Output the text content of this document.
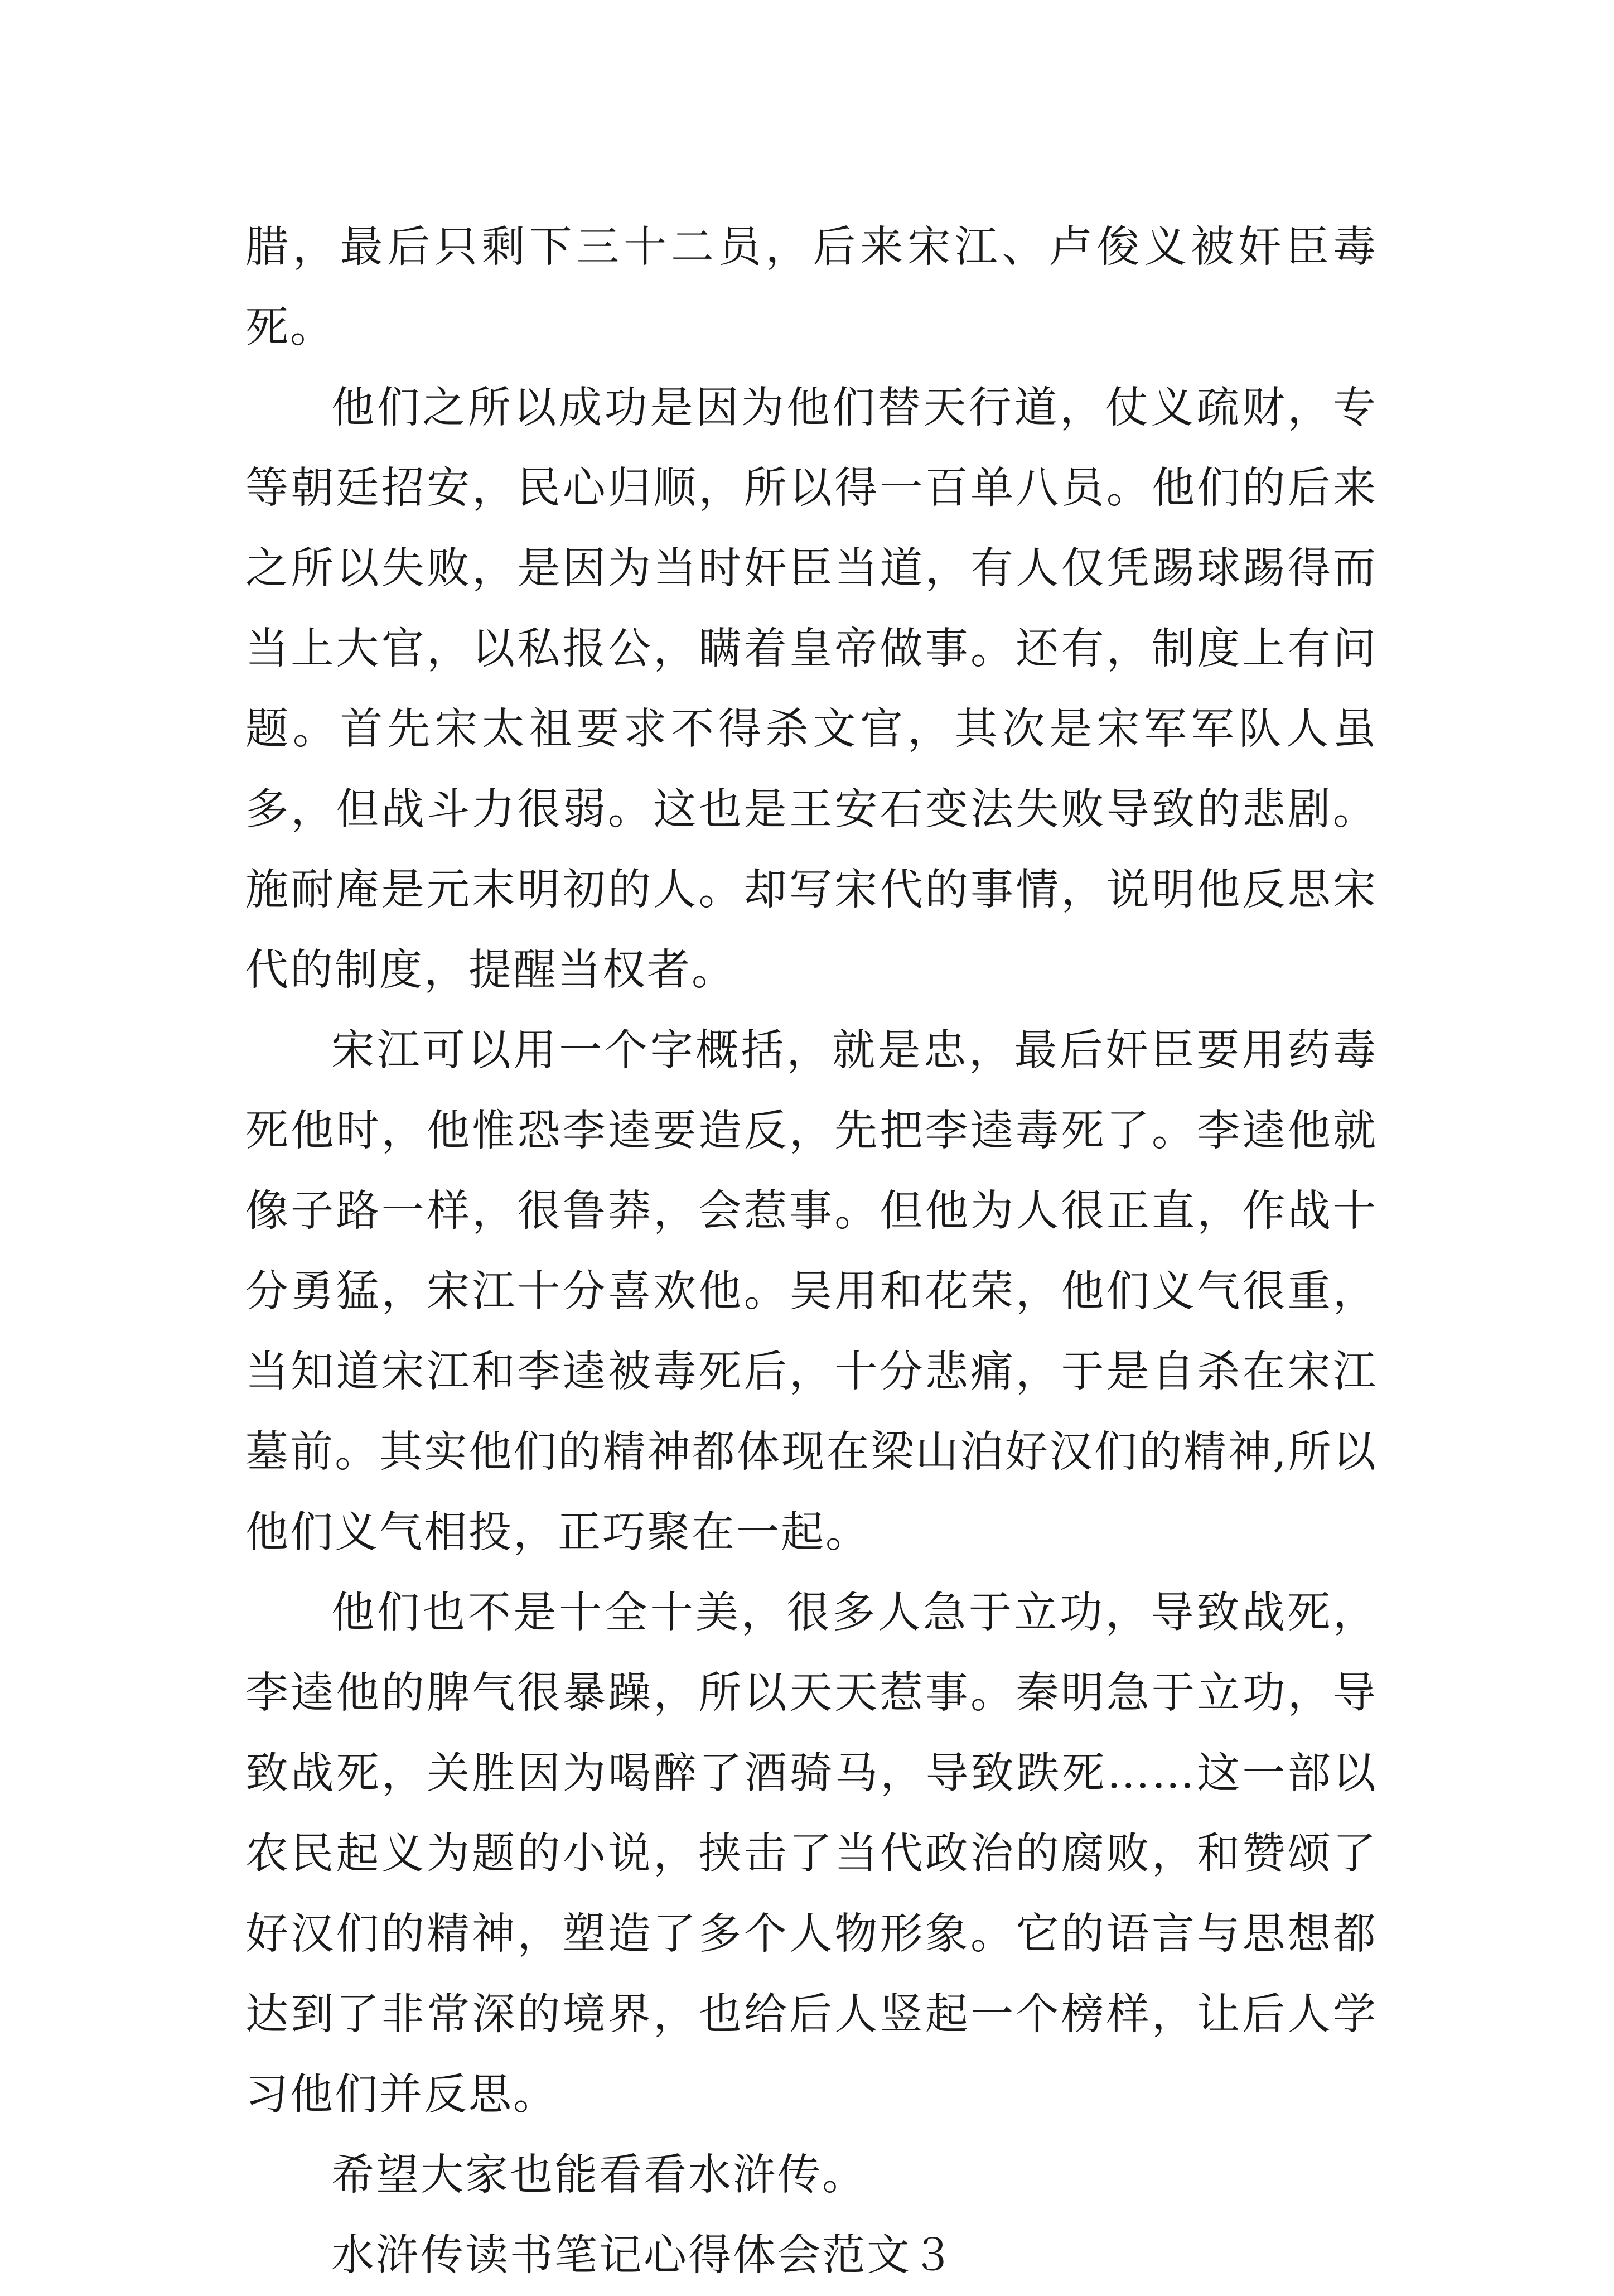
腊，最后只剩下三十二员，后来宋江、卢俊义被奸臣毒死。

他们之所以成功是因为他们替天行道，仗义疏财，专等朝廷招安，民心归顺，所以得一百单八员。他们的后来之所以失败，是因为当时奸臣当道，有人仅凭踢球踢得而当上大官，以私报公，瞒着皇帝做事。还有，制度上有问题。首先宋太祖要求不得杀文官，其次是宋军军队人虽多，但战斗力很弱。这也是王安石变法失败导致的悲剧。施耐庵是元末明初的人。却写宋代的事情，说明他反思宋代的制度，提醒当权者。

宋江可以用一个字概括，就是忠，最后奸臣要用药毒死他时，他惟恐李逵要造反，先把李逵毒死了。李逵他就像子路一样，很鲁莽，会惹事。但他为人很正直，作战十分勇猛，宋江十分喜欢他。吴用和花荣，他们义气很重，当知道宋江和李逵被毒死后，十分悲痛，于是自杀在宋江墓前。其实他们的精神都体现在梁山泊好汉们的精神,所以他们义气相投，正巧聚在一起。

他们也不是十全十美，很多人急于立功，导致战死，李逵他的脾气很暴躁，所以天天惹事。秦明急于立功，导致战死，关胜因为喝醉了酒骑马，导致跌死……这一部以农民起义为题的小说，挟击了当代政治的腐败，和赞颂了好汉们的精神，塑造了多个人物形象。它的语言与思想都达到了非常深的境界，也给后人竖起一个榜样，让后人学习他们并反思。

希望大家也能看看水浒传。

水浒传读书笔记心得体会范文３
